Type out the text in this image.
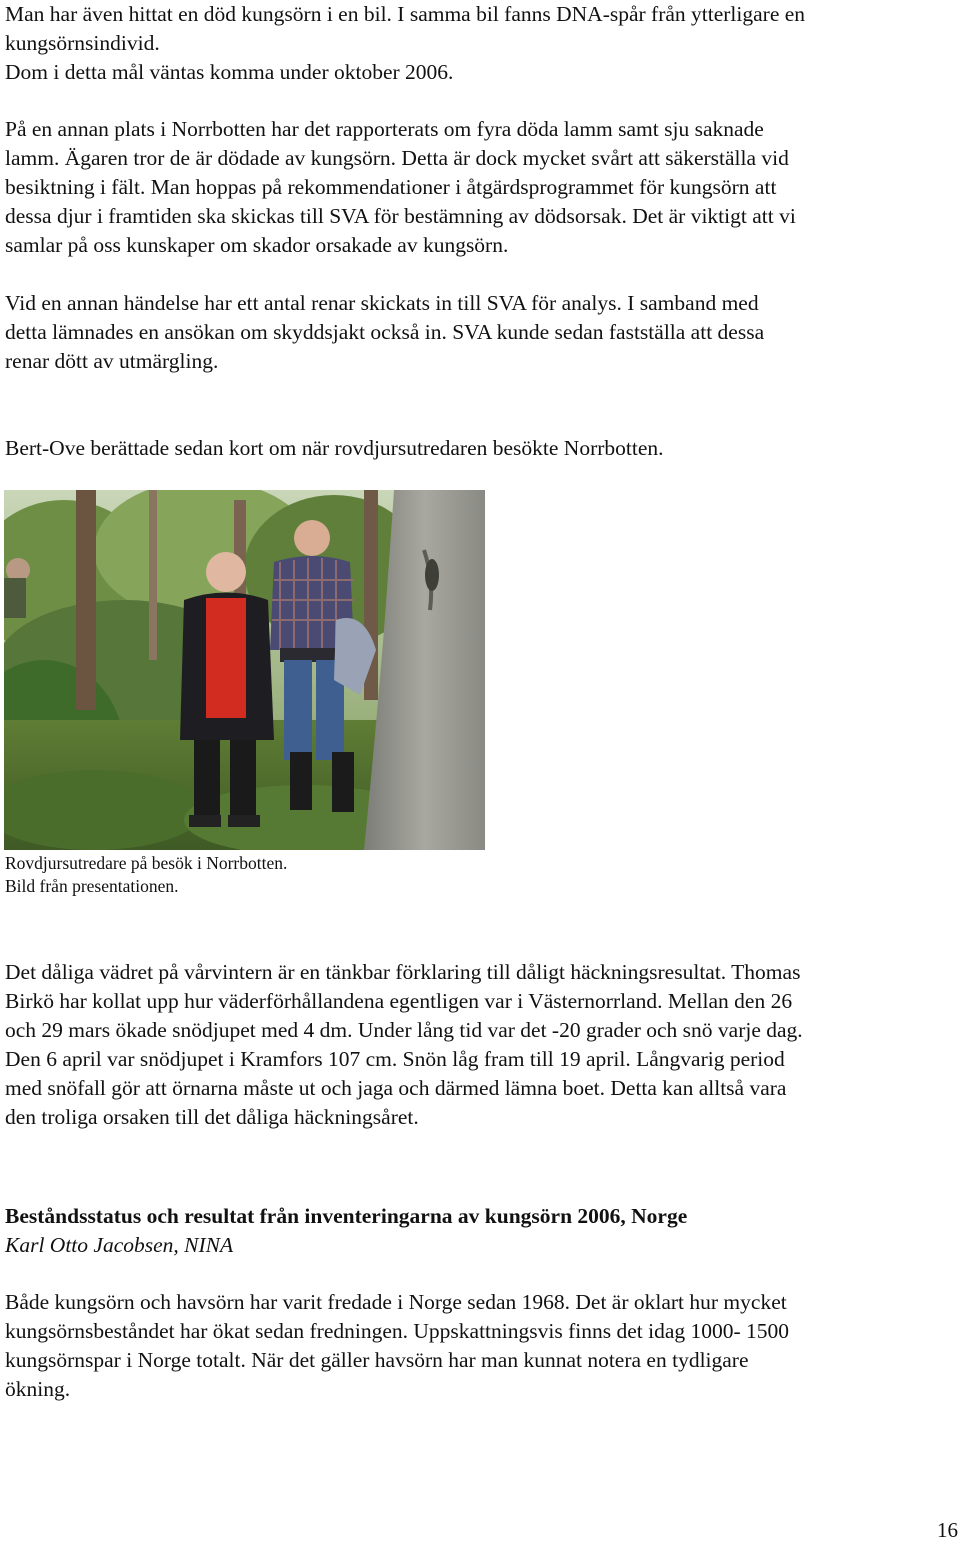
Man har även hittat en död kungsörn i en bil. I samma bil fanns DNA-spår från ytterligare en

kungsörnsindivid.

Dom i detta mål väntas komma under oktober 2006.

På en annan plats i Norrbotten har det rapporterats om fyra döda lamm samt sju saknade

lamm. Ägaren tror de är dödade av kungsörn. Detta är dock mycket svårt att säkerställa vid

besiktning i fält. Man hoppas på rekommendationer i åtgärdsprogrammet för kungsörn att

dessa djur i framtiden ska skickas till SVA för bestämning av dödsorsak. Det är viktigt att vi

samlar på oss kunskaper om skador orsakade av kungsörn.

Vid en annan händelse har ett antal renar skickats in till SVA för analys. I samband med

detta lämnades en ansökan om skyddsjakt också in. SVA kunde sedan fastställa att dessa

renar dött av utmärgling.

Bert-Ove berättade sedan kort om när rovdjursutredaren besökte Norrbotten.

Rovdjursutredare på besök i Norrbotten.

Bild från presentationen.

Det dåliga vädret på vårvintern är en tänkbar förklaring till dåligt häckningsresultat. Thomas

Birkö har kollat upp hur väderförhållandena egentligen var i Västernorrland. Mellan den 26

och 29 mars ökade snödjupet med 4 dm. Under lång tid var det -20 grader och snö varje dag.

Den 6 april var snödjupet i Kramfors 107 cm. Snön låg fram till 19 april. Långvarig period

med snöfall gör att örnarna måste ut och jaga och därmed lämna boet. Detta kan alltså vara

den troliga orsaken till det dåliga häckningsåret.

Beståndsstatus och resultat från inventeringarna av kungsörn 2006, Norge

Karl Otto Jacobsen, NINA

Både kungsörn och havsörn har varit fredade i Norge sedan 1968. Det är oklart hur mycket

kungsörnsbeståndet har ökat sedan fredningen. Uppskattningsvis finns det idag 1000- 1500

kungsörnspar i Norge totalt. När det gäller havsörn har man kunnat notera en tydligare

ökning.

16
